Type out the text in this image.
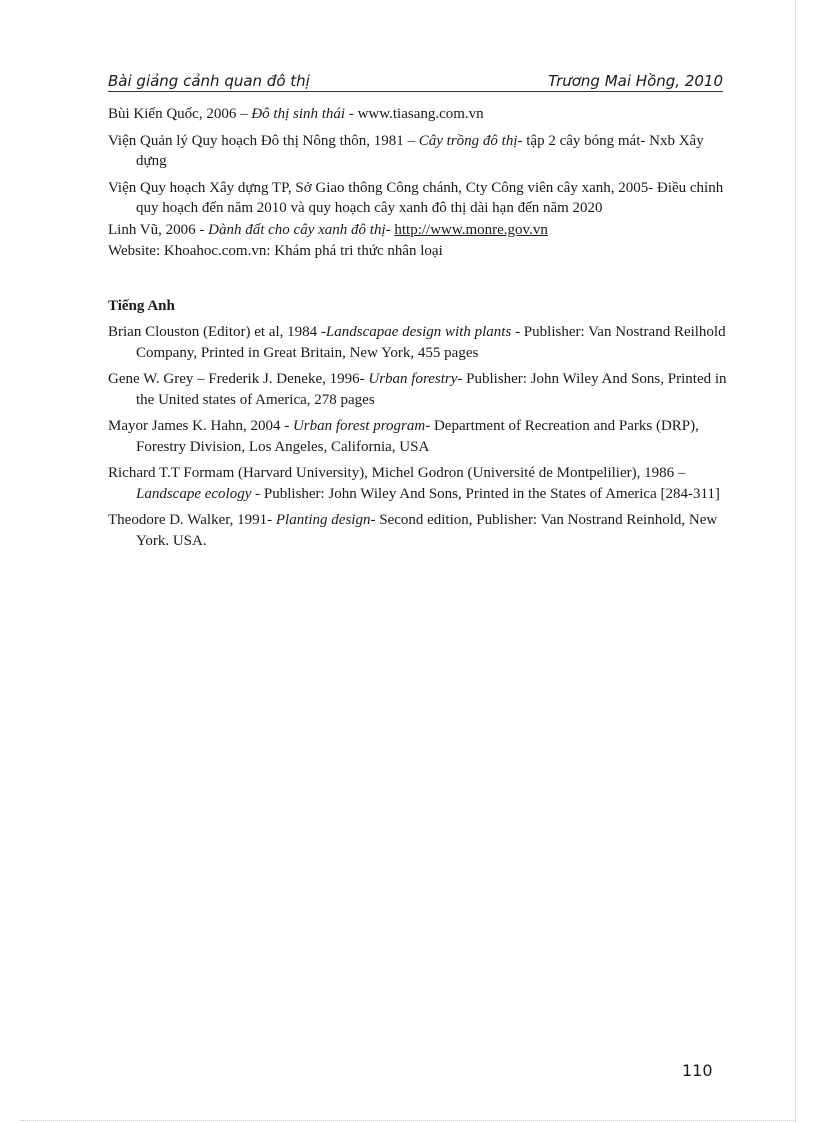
Bài giảng cảnh quan đô thị	Trương Mai Hồng, 2010

Bùi Kiến Quốc, 2006 – Đô thị sinh thái - www.tiasang.com.vn

Viện Quản lý Quy hoạch Đô thị Nông thôn, 1981 – Cây trồng đô thị- tập 2 cây bóng mát- Nxb Xây dựng

Viện Quy hoạch Xây dựng TP, Sở Giao thông Công chánh, Cty Công viên cây xanh, 2005- Điều chỉnh quy hoạch đến năm 2010 và quy hoạch cây xanh đô thị dài hạn đến năm 2020

Linh Vũ, 2006 - Dành đất cho cây xanh đô thị- http://www.monre.gov.vn

Website: Khoahoc.com.vn: Khám phá tri thức nhân loại

Tiếng Anh

Brian Clouston (Editor) et al, 1984 -Landscapae design with plants - Publisher: Van Nostrand Reilhold Company, Printed in Great Britain, New York, 455 pages

Gene W. Grey – Frederik J. Deneke, 1996- Urban forestry- Publisher: John Wiley And Sons, Printed in the United states of America, 278 pages

Mayor James K. Hahn, 2004 - Urban forest program- Department of Recreation and Parks (DRP), Forestry Division, Los Angeles, California, USA

Richard T.T Formam (Harvard University), Michel Godron (Université de Montpelilier), 1986 – Landscape ecology - Publisher: John Wiley And Sons, Printed in the States of America [284-311]

Theodore D. Walker, 1991- Planting design- Second edition, Publisher: Van Nostrand Reinhold, New York. USA.

110
